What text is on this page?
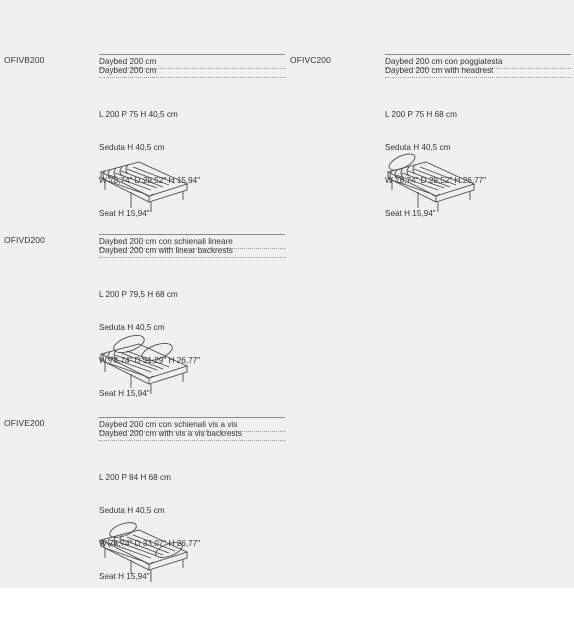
OFIVB200	Daybed 200 cm
Daybed 200 cm

L 200 P 75 H 40,5 cm

Seduta H 40,5 cm

W 78,74" D 29,52" H 15,94"

Seat H 15,94"

OFIVC200	Daybed 200 cm con poggiatesta
Daybed 200 cm with headrest

L 200 P 75 H 68 cm

Seduta H 40,5 cm

W 78,74" D 29,52" H 26,77"

Seat H 15,94"

OFIVD200	Daybed 200 cm con schienali lineare
Daybed 200 cm with linear backrests

L 200 P 79,5 H 68 cm

Seduta H 40,5 cm

W 78,74" D 31,29" H 26,77"

Seat H 15,94"

OFIVE200	Daybed 200 cm con schienali vis a vis
Daybed 200 cm with vis a vis backrests

L 200 P 84 H 68 cm

Seduta H 40,5 cm

W 78,74" D 33,07" H 26,77"

Seat H 15,94"
